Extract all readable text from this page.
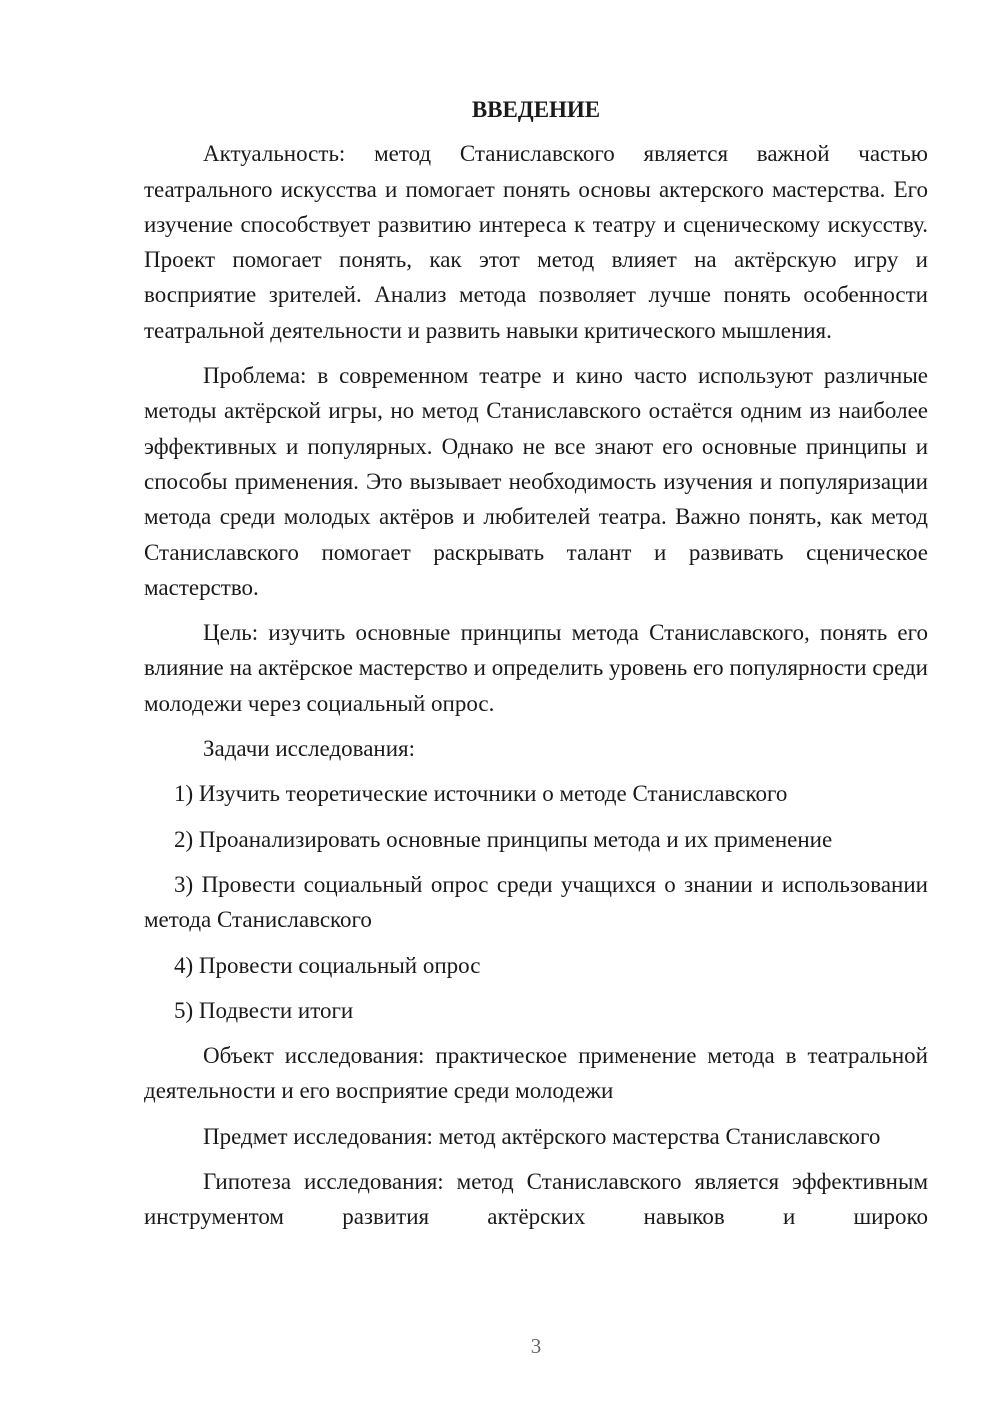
ВВЕДЕНИЕ

Актуальность: метод Станиславского является важной частью театрального искусства и помогает понять основы актерского мастерства. Его изучение способствует развитию интереса к театру и сценическому искусству. Проект помогает понять, как этот метод влияет на актёрскую игру и восприятие зрителей. Анализ метода позволяет лучше понять особенности театральной деятельности и развить навыки критического мышления.

Проблема: в современном театре и кино часто используют различные методы актёрской игры, но метод Станиславского остаётся одним из наиболее эффективных и популярных. Однако не все знают его основные принципы и способы применения. Это вызывает необходимость изучения и популяризации метода среди молодых актёров и любителей театра. Важно понять, как метод Станиславского помогает раскрывать талант и развивать сценическое мастерство.

Цель: изучить основные принципы метода Станиславского, понять его влияние на актёрское мастерство и определить уровень его популярности среди молодежи через социальный опрос.

Задачи исследования:

1) Изучить теоретические источники о методе Станиславского

2) Проанализировать основные принципы метода и их применение

3) Провести социальный опрос среди учащихся о знании и использовании метода Станиславского

4) Провести социальный опрос

5) Подвести итоги

Объект исследования: практическое применение метода в театральной деятельности и его восприятие среди молодежи

Предмет исследования: метод актёрского мастерства Станиславского

Гипотеза исследования: метод Станиславского является эффективным инструментом развития актёрских навыков и широко

3
